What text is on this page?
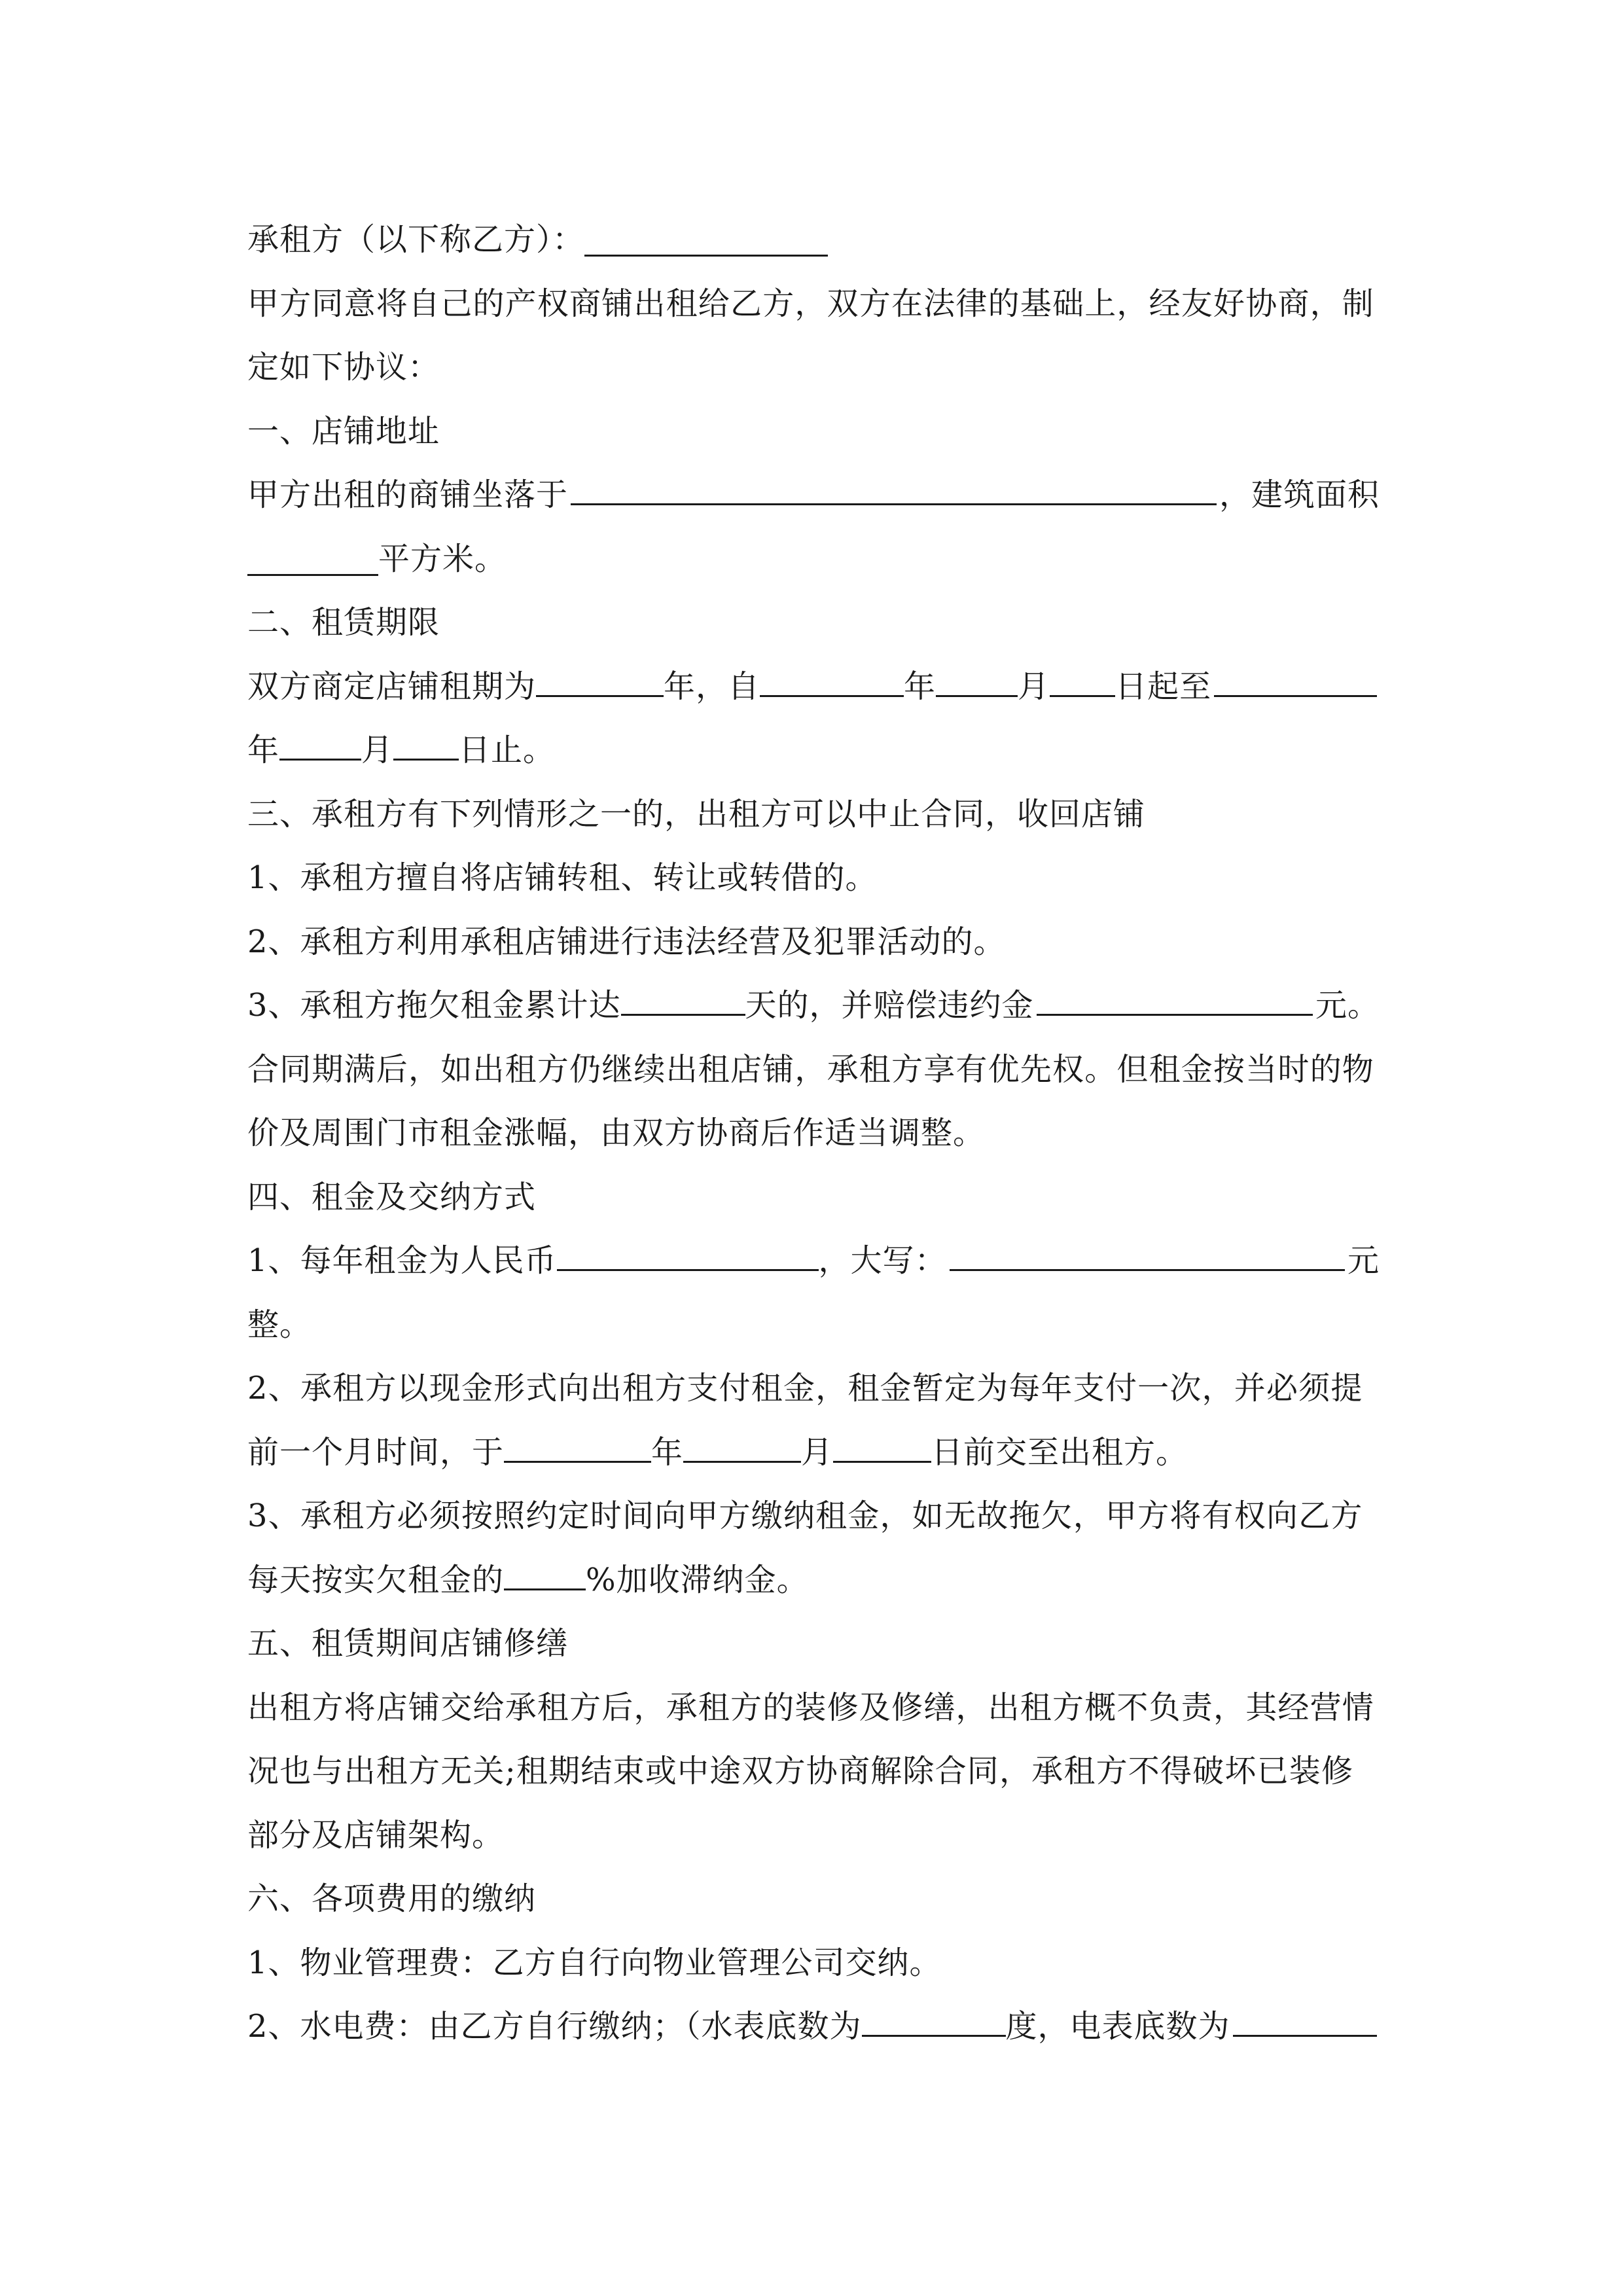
承租方（以下称乙方）：
甲方同意将自己的产权商铺出租给乙方，双方在法律的基础上，经友好协商，制
定如下协议：
一、店铺地址
甲方出租的商铺坐落于	，建筑面积
平方米。
二、租赁期限
双方商定店铺租期为	年，自	年	月 日起至
年	月 日止。
三、承租方有下列情形之一的，出租方可以中止合同，收回店铺
1、承租方擅自将店铺转租、转让或转借的。
2、承租方利用承租店铺进行违法经营及犯罪活动的。
3、承租方拖欠租金累计达	天的，并赔偿违约金	元。
合同期满后，如出租方仍继续出租店铺，承租方享有优先权。但租金按当时的物
价及周围门市租金涨幅，由双方协商后作适当调整。
四、租金及交纳方式
1、每年租金为人民币	，大写：	元
整。
2、承租方以现金形式向出租方支付租金，租金暂定为每年支付一次，并必须提
前一个月时间，于	年	月	日前交至出租方。
3、承租方必须按照约定时间向甲方缴纳租金，如无故拖欠，甲方将有权向乙方
每天按实欠租金的	%加收滞纳金。
五、租赁期间店铺修缮
出租方将店铺交给承租方后，承租方的装修及修缮，出租方概不负责，其经营情
况也与出租方无关;租期结束或中途双方协商解除合同，承租方不得破坏已装修
部分及店铺架构。
六、各项费用的缴纳
1、物业管理费：乙方自行向物业管理公司交纳。
2、水电费：由乙方自行缴纳；（水表底数为	度，电表底数为
